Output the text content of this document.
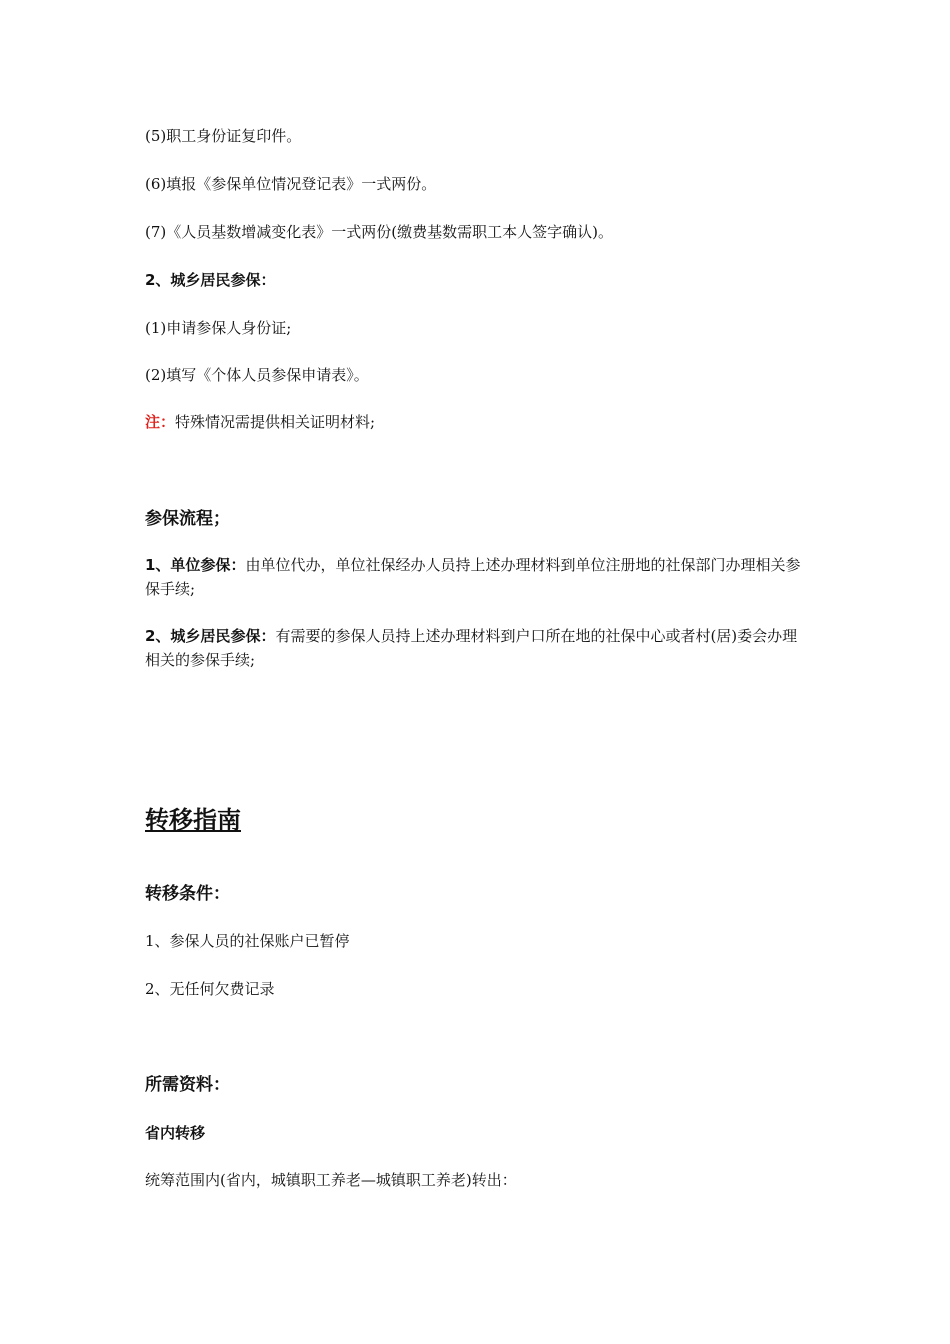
(5)职工身份证复印件。
(6)填报《参保单位情况登记表》一式两份。
(7)《人员基数增减变化表》一式两份(缴费基数需职工本人签字确认)。
2、城乡居民参保：
(1)申请参保人身份证;
(2)填写《个体人员参保申请表》。
注：特殊情况需提供相关证明材料;
参保流程；
1、单位参保：由单位代办，单位社保经办人员持上述办理材料到单位注册地的社保部门办理相关参保手续;
2、城乡居民参保：有需要的参保人员持上述办理材料到户口所在地的社保中心或者村(居)委会办理相关的参保手续;
转移指南
转移条件：
1、参保人员的社保账户已暂停
2、无任何欠费记录
所需资料：
省内转移
统筹范围内(省内，城镇职工养老—城镇职工养老)转出：
